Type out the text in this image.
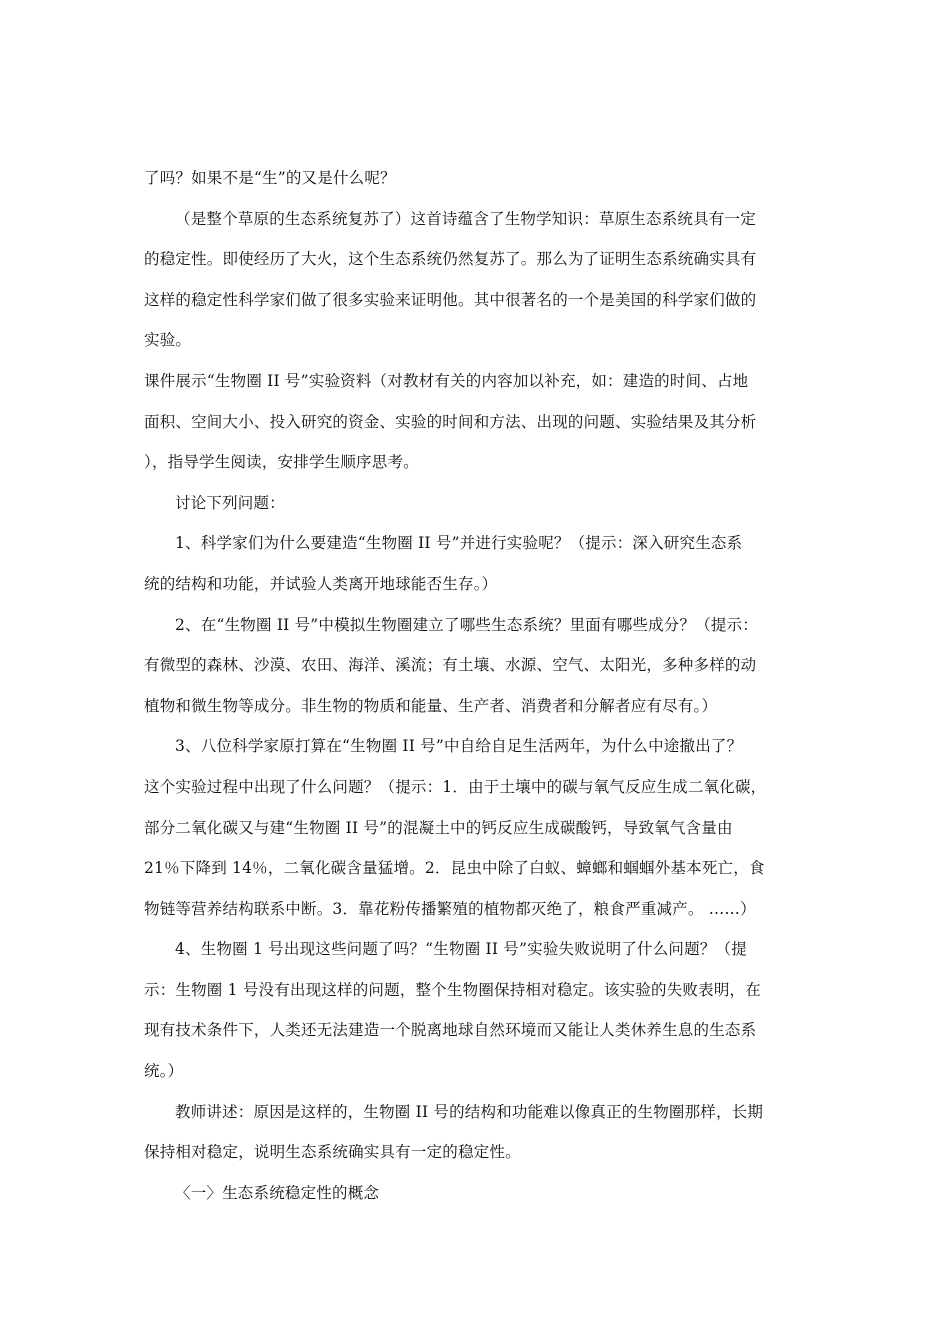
了吗？如果不是“生”的又是什么呢？
（是整个草原的生态系统复苏了）这首诗蕴含了生物学知识：草原生态系统具有一定
的稳定性。即使经历了大火，这个生态系统仍然复苏了。那么为了证明生态系统确实具有
这样的稳定性科学家们做了很多实验来证明他。其中很著名的一个是美国的科学家们做的
实验。
课件展示“生物圈 II 号”实验资料（对教材有关的内容加以补充，如：建造的时间、占地
面积、空间大小、投入研究的资金、实验的时间和方法、出现的问题、实验结果及其分析
），指导学生阅读，安排学生顺序思考。
讨论下列问题：
1、科学家们为什么要建造“生物圈 II 号”并进行实验呢？（提示：深入研究生态系
统的结构和功能，并试验人类离开地球能否生存。）
2、在“生物圈 II 号”中模拟生物圈建立了哪些生态系统？里面有哪些成分？（提示：
有微型的森林、沙漠、农田、海洋、溪流；有土壤、水源、空气、太阳光，多种多样的动
植物和微生物等成分。非生物的物质和能量、生产者、消费者和分解者应有尽有。）
3、八位科学家原打算在“生物圈 II 号”中自给自足生活两年，为什么中途撤出了？
这个实验过程中出现了什么问题？（提示：1．由于土壤中的碳与氧气反应生成二氧化碳，
部分二氧化碳又与建“生物圈 II 号”的混凝土中的钙反应生成碳酸钙，导致氧气含量由
21％下降到 14％，二氧化碳含量猛增。2．昆虫中除了白蚁、蟑螂和蝈蝈外基本死亡，食
物链等营养结构联系中断。3．靠花粉传播繁殖的植物都灭绝了，粮食严重减产。 ……）
4、生物圈 1 号出现这些问题了吗？“生物圈 II 号”实验失败说明了什么问题？（提
示：生物圈 1 号没有出现这样的问题，整个生物圈保持相对稳定。该实验的失败表明，在
现有技术条件下，人类还无法建造一个脱离地球自然环境而又能让人类休养生息的生态系
统。）
教师讲述：原因是这样的，生物圈 II 号的结构和功能难以像真正的生物圈那样，长期
保持相对稳定，说明生态系统确实具有一定的稳定性。
〈一〉生态系统稳定性的概念
